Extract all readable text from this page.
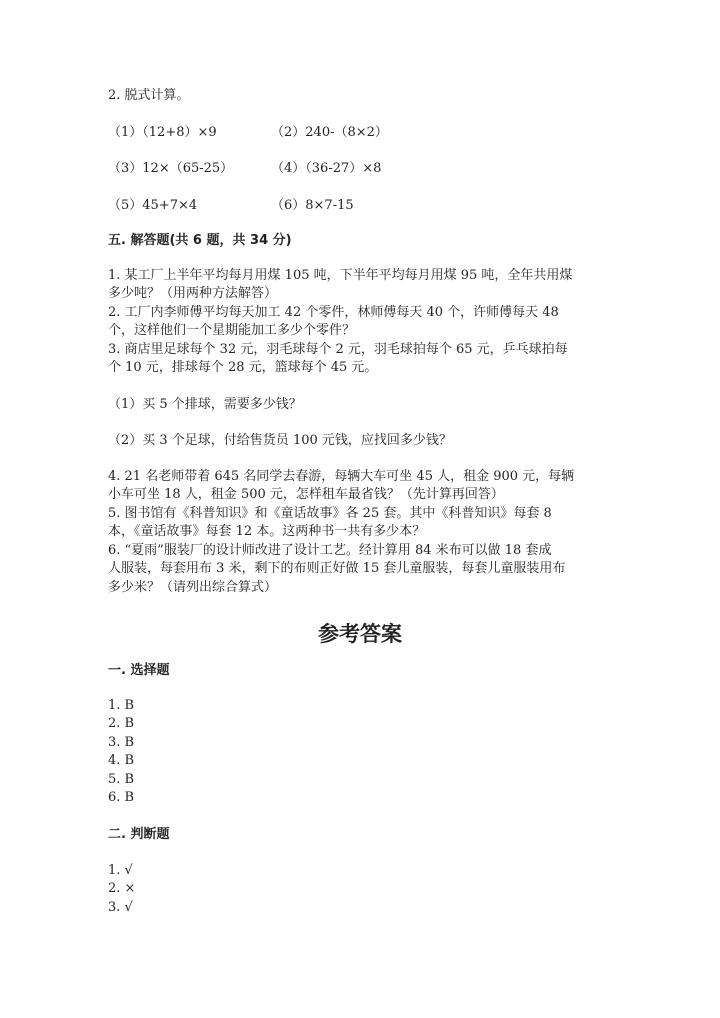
2. 脱式计算。
（1）（12+8）×9	（2）240-（8×2）
（3）12×（65-25）	（4）（36-27）×8
（5）45+7×4	（6）8×7-15
五. 解答题(共 6 题，共 34 分)
1. 某工厂上半年平均每月用煤 105 吨，下半年平均每月用煤 95 吨，全年共用煤
多少吨？（用两种方法解答）
2. 工厂内李师傅平均每天加工 42 个零件，林师傅每天 40 个，许师傅每天 48
个，这样他们一个星期能加工多少个零件？
3. 商店里足球每个 32 元，羽毛球每个 2 元，羽毛球拍每个 65 元，乒乓球拍每
个 10 元，排球每个 28 元，篮球每个 45 元。
（1）买 5 个排球，需要多少钱？
（2）买 3 个足球，付给售货员 100 元钱，应找回多少钱？
4. 21 名老师带着 645 名同学去春游，每辆大车可坐 45 人，租金 900 元，每辆
小车可坐 18 人，租金 500 元，怎样租车最省钱？（先计算再回答）
5. 图书馆有《科普知识》和《童话故事》各 25 套。其中《科普知识》每套 8
本，《童话故事》每套 12 本。这两种书一共有多少本？
6. “夏雨”服装厂的设计师改进了设计工艺。经计算用 84 米布可以做 18 套成
人服装，每套用布 3 米，剩下的布则正好做 15 套儿童服装，每套儿童服装用布
多少米？（请列出综合算式）
参考答案
一. 选择题
1. B
2. B
3. B
4. B
5. B
6. B
二. 判断题
1. √
2. ×
3. √
